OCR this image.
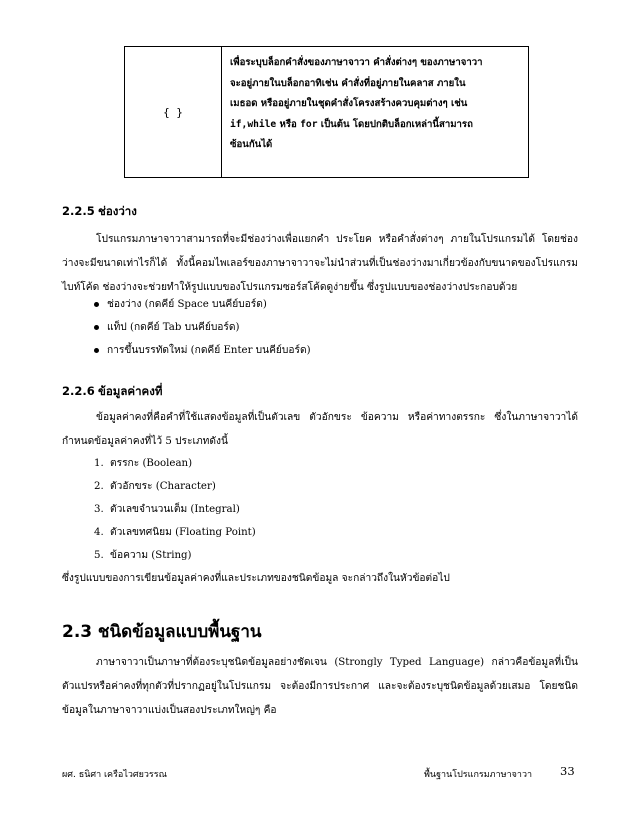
{ }
เพื่อระบุบล็อกคำสั่งของภาษาจาวา คำสั่งต่างๆ ของภาษาจาวา
จะอยู่ภายในบล็อกอาทิเช่น คำสั่งที่อยู่ภายในคลาส ภายใน
เมธอด หรืออยู่ภายในชุดคำสั่งโครงสร้างควบคุมต่างๆ เช่น
if,while หรือ for เป็นต้น โดยปกติบล็อกเหล่านี้สามารถ
ซ้อนกันได้
2.2.5 ช่องว่าง
โปรแกรมภาษาจาวาสามารถที่จะมีช่องว่างเพื่อแยกคำ ประโยค หรือคำสั่งต่างๆ ภายในโปรแกรมได้ โดยช่องว่างจะมีขนาดเท่าไรก็ได้ ทั้งนี้คอมไพเลอร์ของภาษาจาวาจะไม่นำส่วนที่เป็นช่องว่างมาเกี่ยวข้องกับขนาดของโปรแกรมไบท์โค้ด ช่องว่างจะช่วยทำให้รูปแบบของโปรแกรมซอร์สโค้ดดูง่ายขึ้น ซึ่งรูปแบบของช่องว่างประกอบด้วย
ช่องว่าง (กดคีย์ Space บนคีย์บอร์ด)
แท็ป (กดคีย์ Tab บนคีย์บอร์ด)
การขึ้นบรรทัดใหม่ (กดคีย์ Enter บนคีย์บอร์ด)
2.2.6 ข้อมูลค่าคงที่
ข้อมูลค่าคงที่คือคำที่ใช้แสดงข้อมูลที่เป็นตัวเลข ตัวอักขระ ข้อความ หรือค่าทางตรรกะ ซึ่งในภาษาจาวาได้กำหนดข้อมูลค่าคงที่ไว้ 5 ประเภทดังนี้
1. ตรรกะ (Boolean)
2. ตัวอักขระ (Character)
3. ตัวเลขจำนวนเต็ม (Integral)
4. ตัวเลขทศนิยม (Floating Point)
5. ข้อความ (String)
ซึ่งรูปแบบของการเขียนข้อมูลค่าคงที่และประเภทของชนิดข้อมูล จะกล่าวถึงในหัวข้อต่อไป
2.3 ชนิดข้อมูลแบบพื้นฐาน
ภาษาจาวาเป็นภาษาที่ต้องระบุชนิดข้อมูลอย่างชัดเจน (Strongly Typed Language) กล่าวคือข้อมูลที่เป็นตัวแปรหรือค่าคงที่ทุกตัวที่ปรากฏอยู่ในโปรแกรม จะต้องมีการประกาศ และจะต้องระบุชนิดข้อมูลด้วยเสมอ โดยชนิดข้อมูลในภาษาจาวาแบ่งเป็นสองประเภทใหญ่ๆ คือ
ผศ. ธนิศา เครือไวศยวรรณ	พื้นฐานโปรแกรมภาษาจาวา 33
